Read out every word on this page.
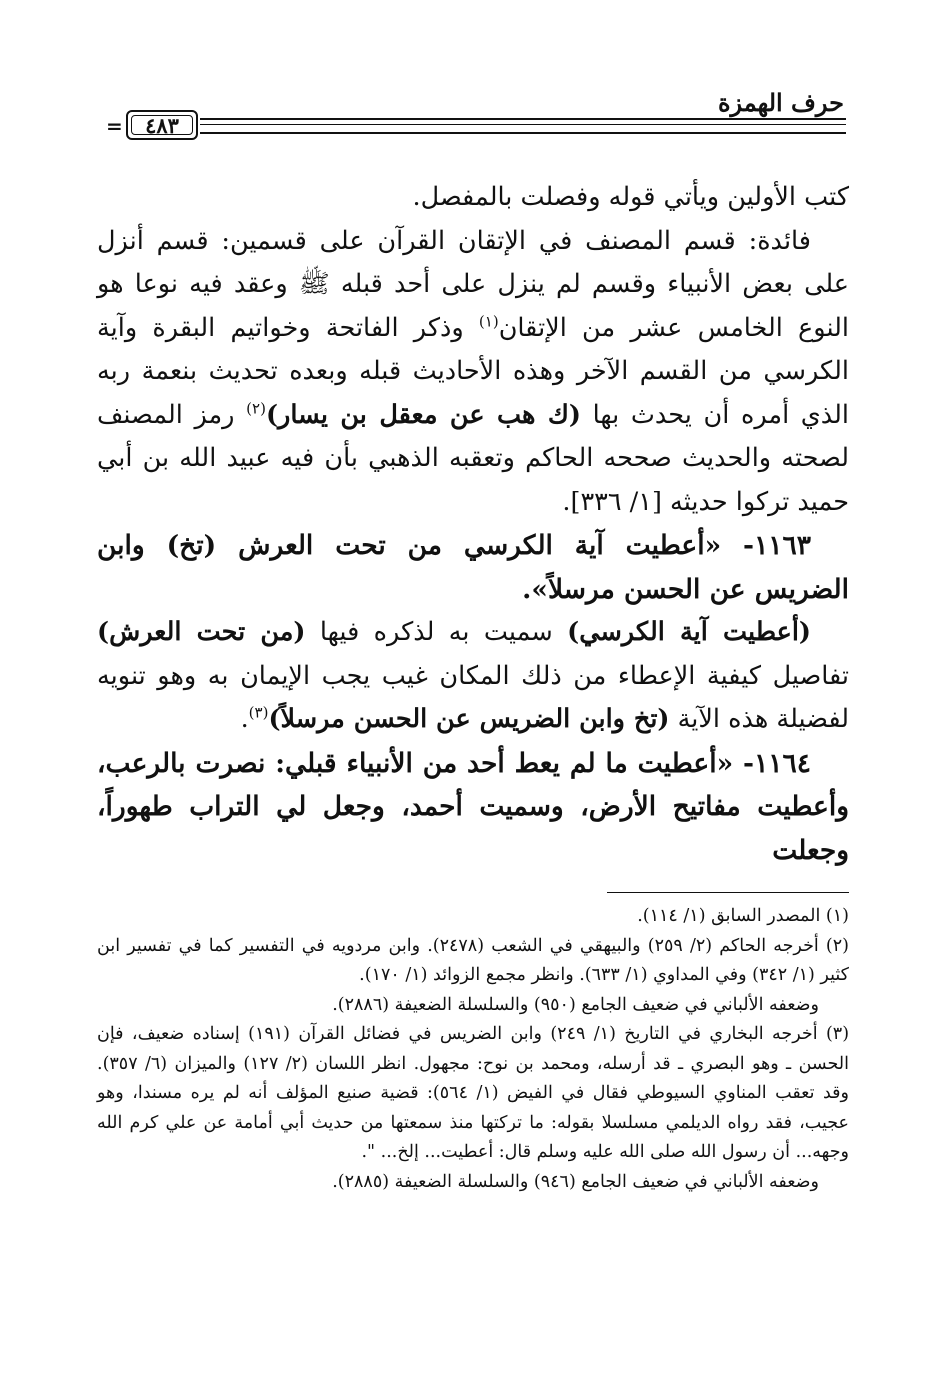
حرف الهمزة
٤٨٣
=

كتب الأولين ويأتي قوله وفصلت بالمفصل.

فائدة: قسم المصنف في الإتقان القرآن على قسمين: قسم أنزل على بعض الأنبياء وقسم لم ينزل على أحد قبله ﷺ وعقد فيه نوعا هو النوع الخامس عشر من الإتقان$^{(١)}$ وذكر الفاتحة وخواتيم البقرة وآية الكرسي من القسم الآخر وهذه الأحاديث قبله وبعده تحديث بنعمة ربه الذي أمره أن يحدث بها (ك هب عن معقل بن يسار)$^{(٢)}$ رمز المصنف لصحته والحديث صححه الحاكم وتعقبه الذهبي بأن فيه عبيد الله بن أبي حميد تركوا حديثه [١/ ٣٣٦].

١١٦٣- «أعطيت آية الكرسي من تحت العرش (تخ) وابن الضريس عن الحسن مرسلاً».

(أعطيت آية الكرسي) سميت به لذكره فيها (من تحت العرش) تفاصيل كيفية الإعطاء من ذلك المكان غيب يجب الإيمان به وهو تنويه لفضيلة هذه الآية (تخ وابن الضريس عن الحسن مرسلاً)$^{(٣)}$.

١١٦٤- «أعطيت ما لم يعط أحد من الأنبياء قبلي: نصرت بالرعب، وأعطيت مفاتيح الأرض، وسميت أحمد، وجعل لي التراب طهوراً، وجعلت

(١) المصدر السابق (١/ ١١٤).

(٢) أخرجه الحاكم (٢/ ٢٥٩) والبيهقي في الشعب (٢٤٧٨). وابن مردويه في التفسير كما في تفسير ابن كثير (١/ ٣٤٢) وفي المداوي (١/ ٦٣٣). وانظر مجمع الزوائد (١/ ١٧٠).

وضعفه الألباني في ضعيف الجامع (٩٥٠) والسلسلة الضعيفة (٢٨٨٦).

(٣) أخرجه البخاري في التاريخ (١/ ٢٤٩) وابن الضريس في فضائل القرآن (١٩١) إسناده ضعيف، فإن الحسن ـ وهو البصري ـ قد أرسله، ومحمد بن نوح: مجهول. انظر اللسان (٢/ ١٢٧) والميزان (٦/ ٣٥٧). وقد تعقب المناوي السيوطي فقال في الفيض (١/ ٥٦٤): قضية صنيع المؤلف أنه لم يره مسندا، وهو عجيب، فقد رواه الديلمي مسلسلا بقوله: ما تركتها منذ سمعتها من حديث أبي أمامة عن علي كرم الله وجهه... أن رسول الله صلى الله عليه وسلم قال: أعطيت... إلخ... ".

وضعفه الألباني في ضعيف الجامع (٩٤٦) والسلسلة الضعيفة (٢٨٨٥).
